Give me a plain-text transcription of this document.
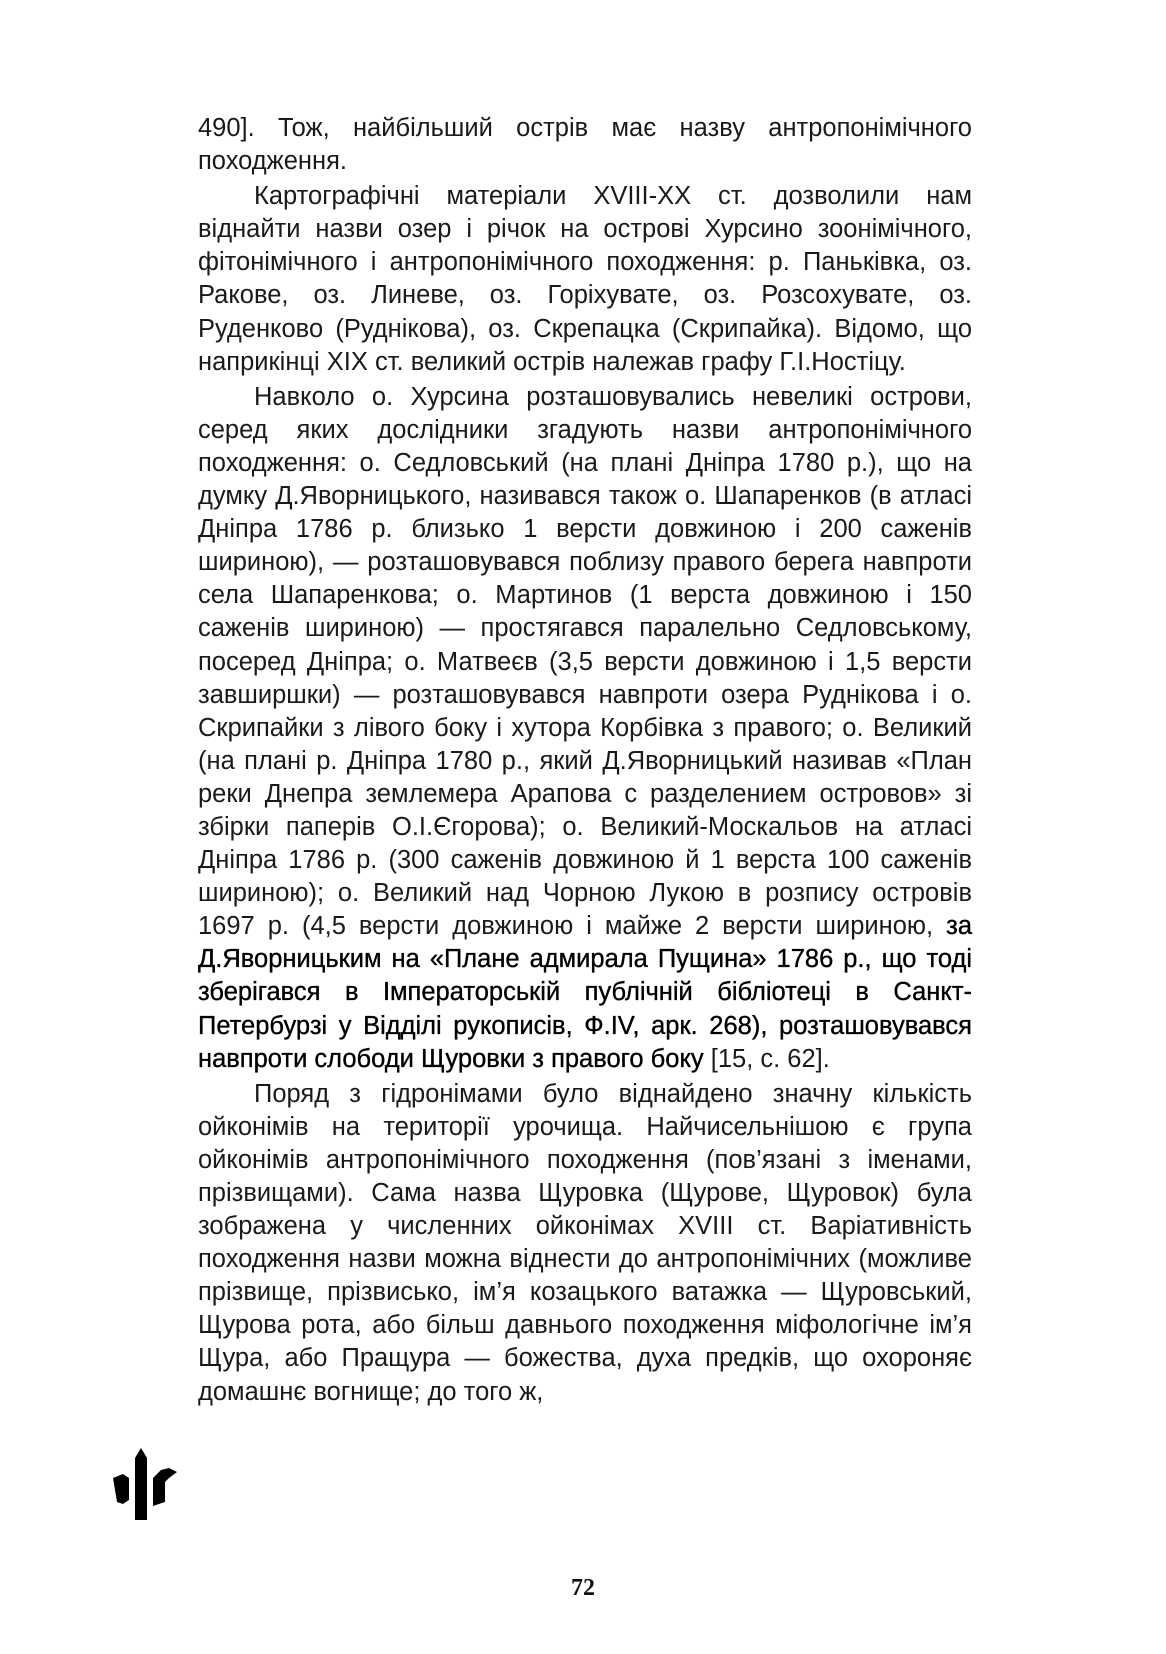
490]. Тож, найбільший острів має назву антропонімічного походження.

Картографічні матеріали XVIII-XX ст. дозволили нам віднайти назви озер і річок на острові Хурсино зоонімічного, фітонімічного і антропонімічного походження: р. Паньківка, оз. Ракове, оз. Линеве, оз. Горіхувате, оз. Розсохувате, оз. Руденково (Руднікова), оз. Скрепацка (Скрипайка). Відомо, що наприкінці XIX ст. великий острів належав графу Г.І.Ностіцу.

Навколо о. Хурсина розташовувались невеликі острови, серед яких дослідники згадують назви антропонімічного походження: о. Седловський (на плані Дніпра 1780 р.), що на думку Д.Яворницького, називався також о. Шапаренков (в атласі Дніпра 1786 р. близько 1 версти довжиною і 200 саженів шириною), — розташовувався поблизу правого берега навпроти села Шапаренкова; о. Мартинов (1 верста довжиною і 150 саженів шириною) — простягався паралельно Седловському, посеред Дніпра; о. Матвеєв (3,5 версти довжиною і 1,5 версти завширшки) — розташовувався навпроти озера Руднікова і о. Скрипайки з лівого боку і хутора Корбівка з правого; о. Великий (на плані р. Дніпра 1780 р., який Д.Яворницький називав «План реки Днепра землемера Арапова с разделением островов» зі збірки паперів О.І.Єгорова); о. Великий-Москальов на атласі Дніпра 1786 р. (300 саженів довжиною й 1 верста 100 саженів шириною); о. Великий над Чорною Лукою в розпису островів 1697 р. (4,5 версти довжиною і майже 2 версти шириною, за Д.Яворницьким на «Плане адмирала Пущина» 1786 р., що тоді зберігався в Імператорській публічній бібліотеці в Санкт-Петербурзі у Відділі рукописів, Ф.IV, арк. 268), розташовувався навпроти слободи Щуровки з правого боку [15, с. 62].

Поряд з гідронімами було віднайдено значну кількість ойконімів на території урочища. Найчисельнішою є група ойконімів антропонімічного походження (пов’язані з іменами, прізвищами). Сама назва Щуровка (Щурове, Щуровок) була зображена у численних ойконімах XVIII ст. Варіативність походження назви можна віднести до антропонімічних (можливе прізвище, прізвисько, ім’я козацького ватажка — Щуровський, Щурова рота, або більш давнього походження міфологічне ім’я Щура, або Пращура — божества, духа предків, що охороняє домашнє вогнище; до того ж,

72
